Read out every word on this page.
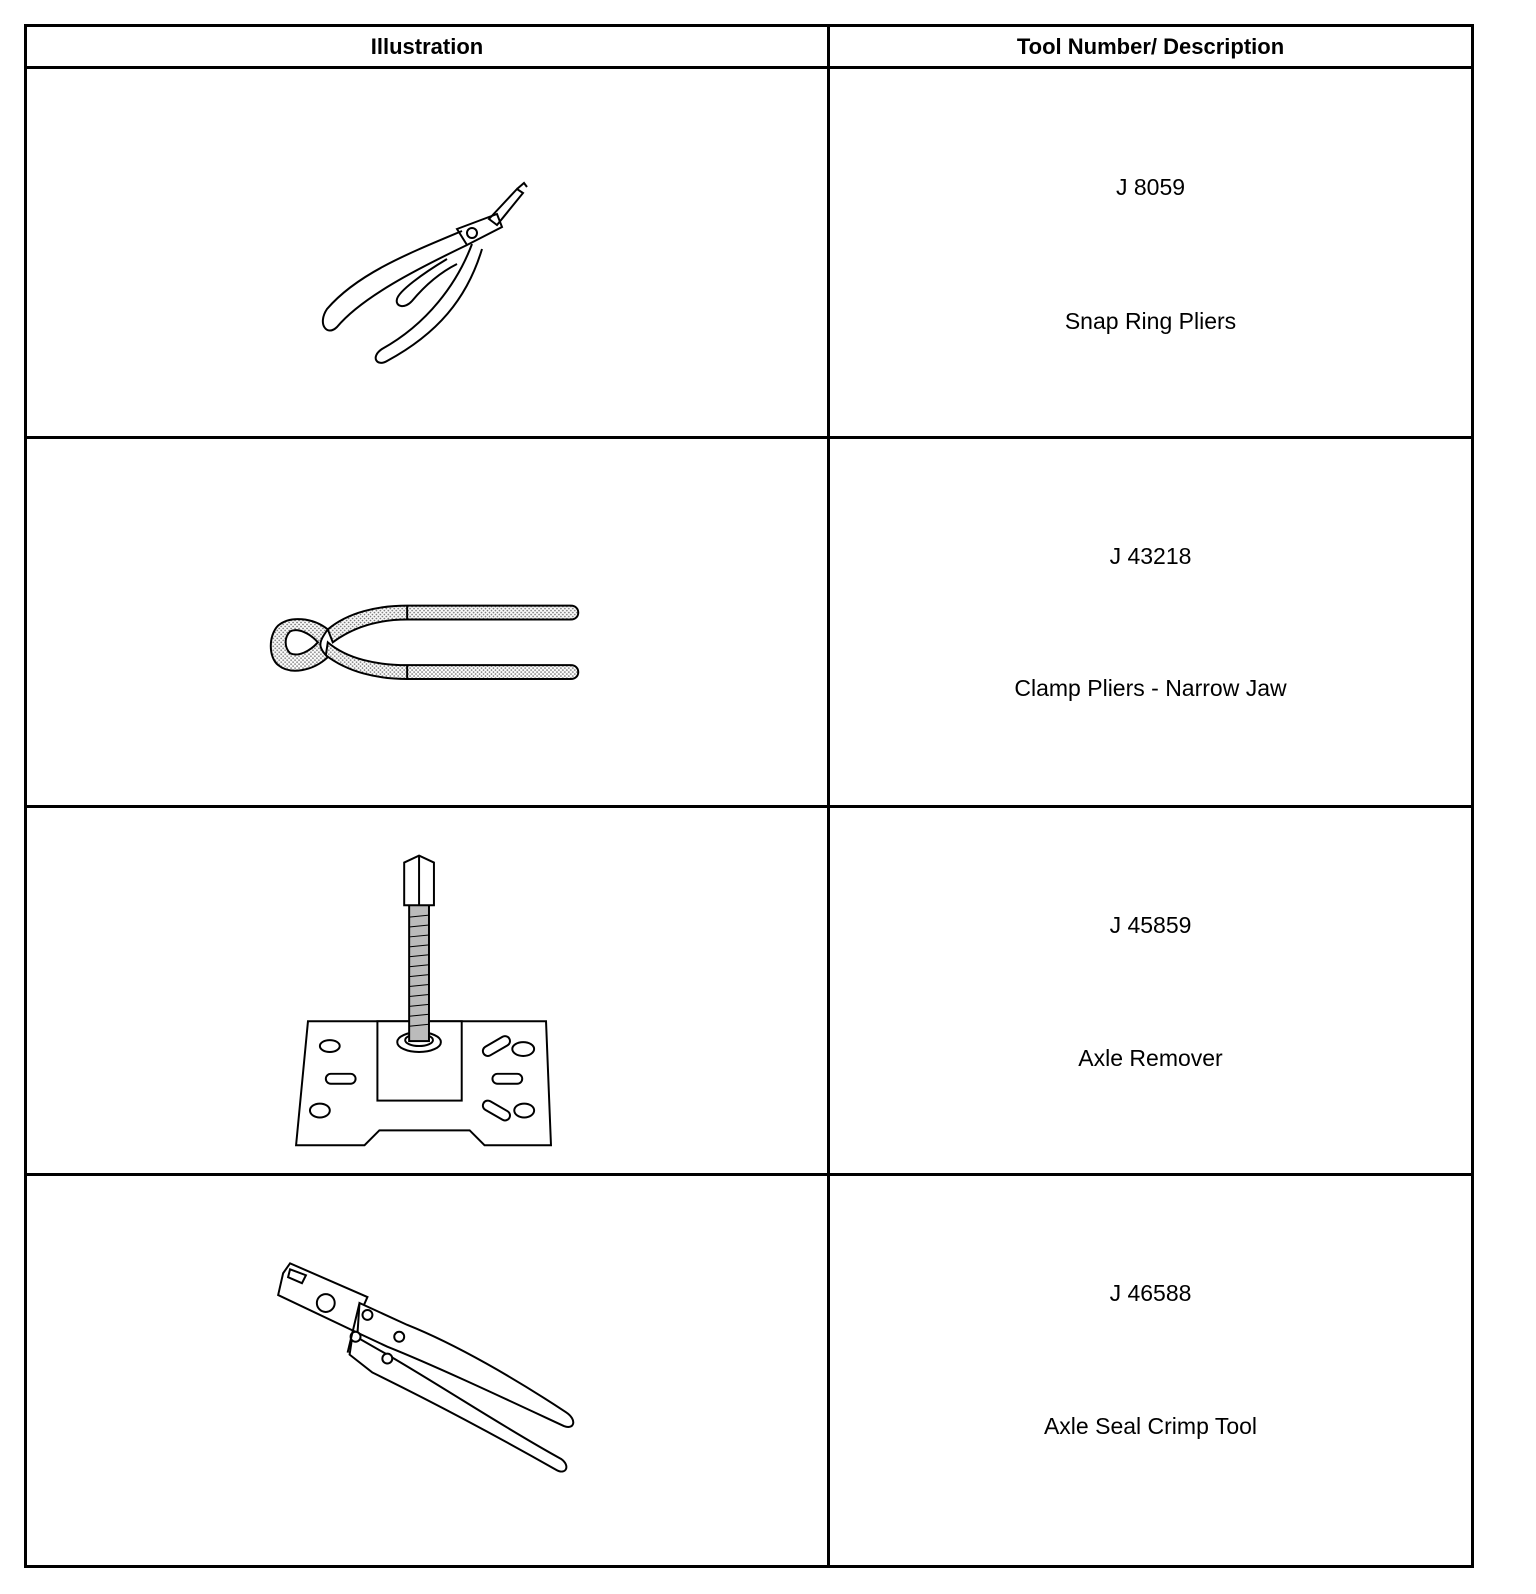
Illustration	Tool Number/ Description
J 8059
Snap Ring Pliers
J 43218
Clamp Pliers - Narrow Jaw
J 45859
Axle Remover
J 46588
Axle Seal Crimp Tool
